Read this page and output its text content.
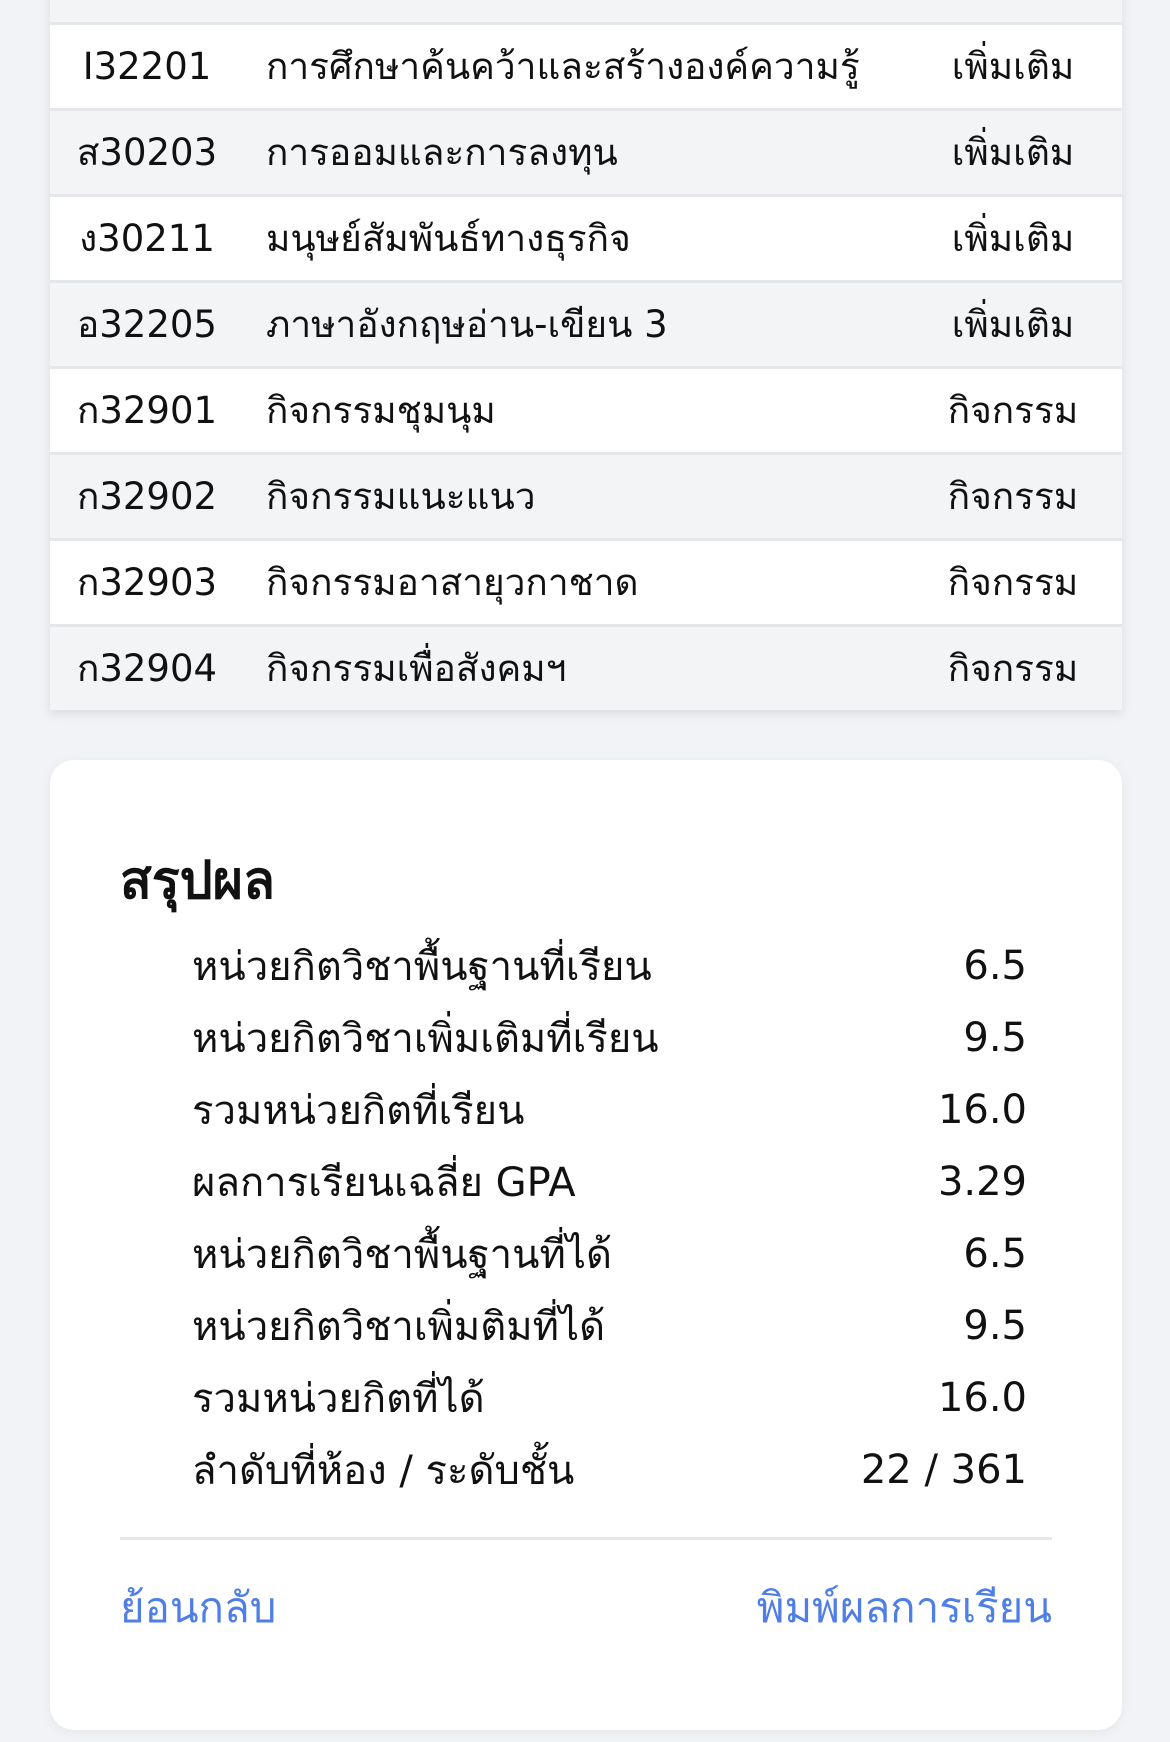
I32201	การศึกษาค้นคว้าและสร้างองค์ความรู้	เพิ่มเติม
ส30203	การออมและการลงทุน	เพิ่มเติม
ง30211	มนุษย์สัมพันธ์ทางธุรกิจ	เพิ่มเติม
อ32205	ภาษาอังกฤษอ่าน-เขียน 3	เพิ่มเติม
ก32901	กิจกรรมชุมนุม	กิจกรรม
ก32902	กิจกรรมแนะแนว	กิจกรรม
ก32903	กิจกรรมอาสายุวกาชาด	กิจกรรม
ก32904	กิจกรรมเพื่อสังคมฯ	กิจกรรม
สรุปผล
หน่วยกิตวิชาพื้นฐานที่เรียน	6.5
หน่วยกิตวิชาเพิ่มเติมที่เรียน	9.5
รวมหน่วยกิตที่เรียน	16.0
ผลการเรียนเฉลี่ย GPA	3.29
หน่วยกิตวิชาพื้นฐานที่ได้	6.5
หน่วยกิตวิชาเพิ่มติมที่ได้	9.5
รวมหน่วยกิตที่ได้	16.0
ลำดับที่ห้อง / ระดับชั้น	22 / 361
ย้อนกลับ	พิมพ์ผลการเรียน
